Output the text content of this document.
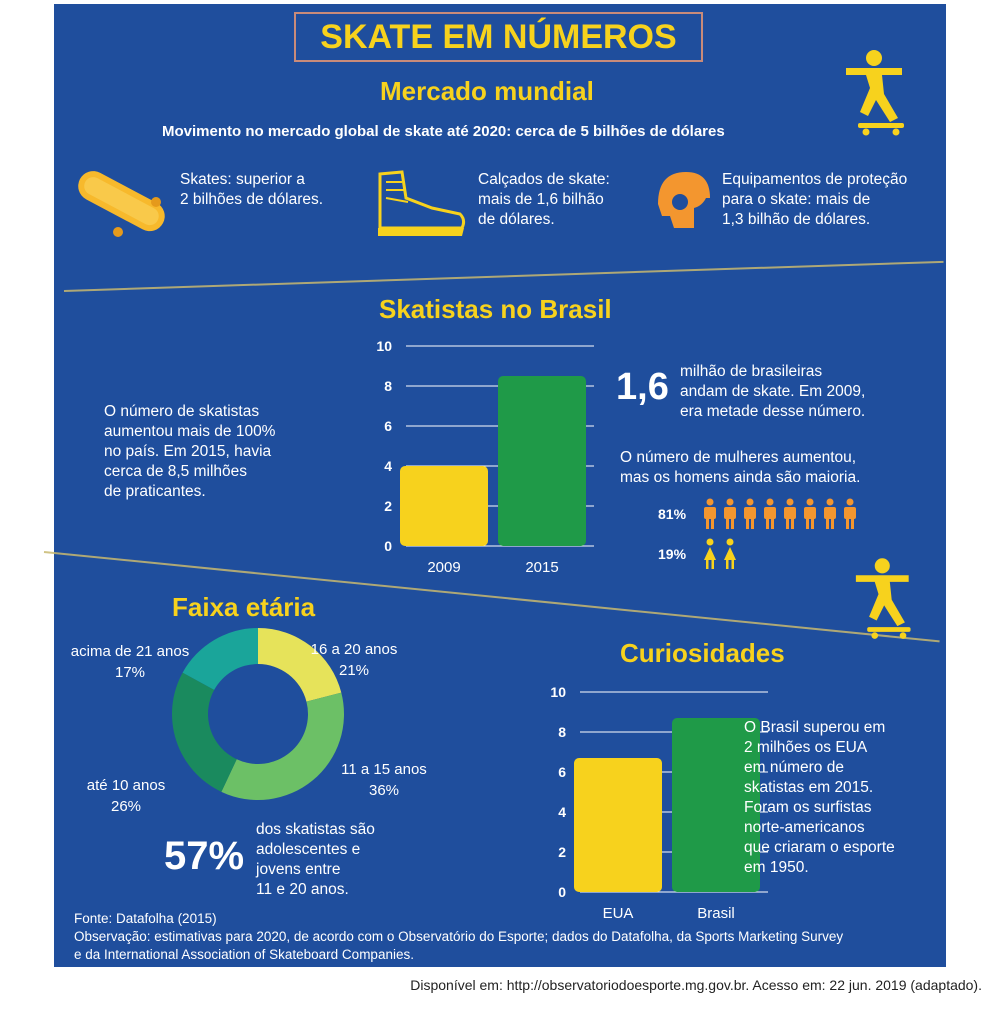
SKATE EM NÚMEROS
Mercado mundial
Movimento no mercado global de skate até 2020: cerca de 5 bilhões de dólares
Skates: superior a
2 bilhões de dólares.
Calçados de skate:
mais de 1,6 bilhão
de dólares.
Equipamentos de proteção
para o skate: mais de
1,3 bilhão de dólares.
Skatistas no Brasil
O número de skatistas
aumentou mais de 100%
no país. Em 2015, havia
cerca de 8,5 milhões
de praticantes.
0
2
4
6
8
10
2009	2015
1,6 milhão de brasileiras
andam de skate. Em 2009,
era metade desse número.
O número de mulheres aumentou,
mas os homens ainda são maioria.
81%
19%
Faixa etária
16 a 20 anos
21%
11 a 15 anos
36%
até 10 anos
26%
acima de 21 anos
17%
57%
dos skatistas são
adolescentes e
jovens entre
11 e 20 anos.
Curiosidades
0
2
4
6
8
10
EUA	Brasil
O Brasil superou em
2 milhões os EUA
em número de
skatistas em 2015.
Foram os surfistas
norte-americanos
que criaram o esporte
em 1950.
Fonte: Datafolha (2015)
Observação: estimativas para 2020, de acordo com o Observatório do Esporte; dados do Datafolha, da Sports Marketing Survey
e da International Association of Skateboard Companies.
Disponível em: http://observatoriodoesporte.mg.gov.br. Acesso em: 22 jun. 2019 (adaptado).
